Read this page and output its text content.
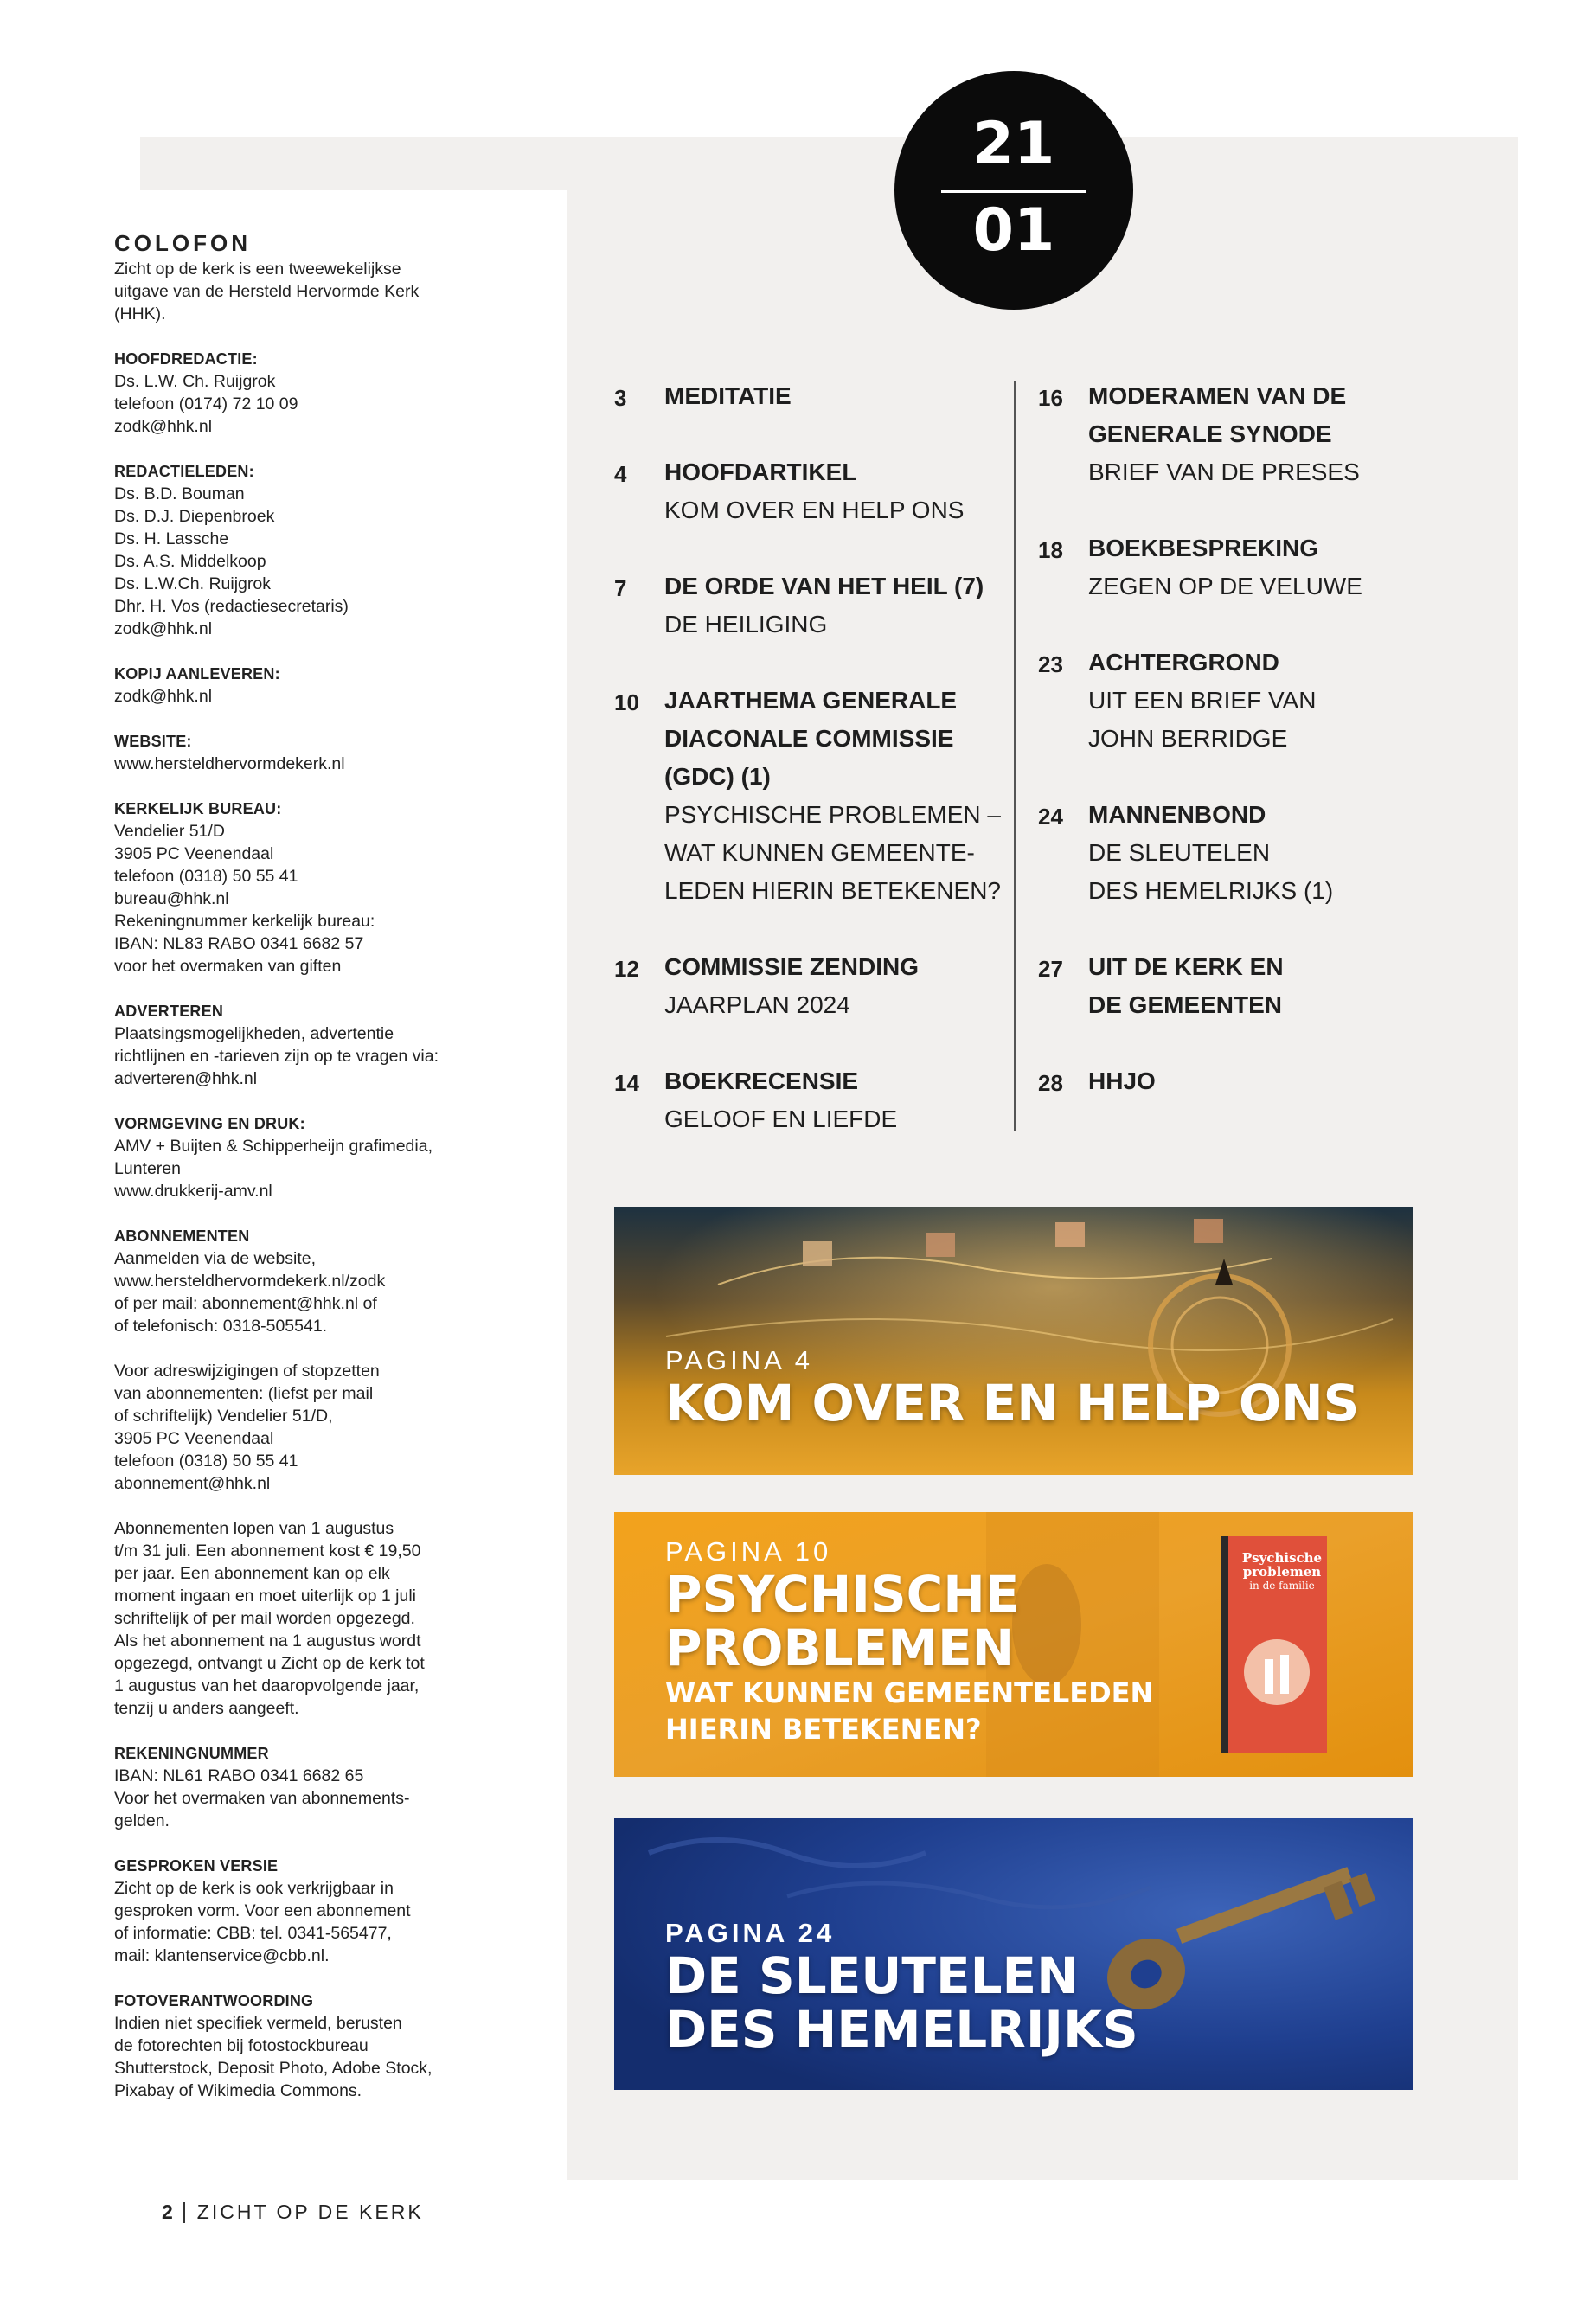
COLOFON
Zicht op de kerk is een tweewekelijkse
uitgave van de Hersteld Hervormde Kerk
(HHK).
HOOFDREDACTIE:
Ds. L.W. Ch. Ruijgrok
telefoon (0174) 72 10 09
zodk@hhk.nl
REDACTIELEDEN:
Ds. B.D. Bouman
Ds. D.J. Diepenbroek
Ds. H. Lassche
Ds. A.S. Middelkoop
Ds. L.W.Ch. Ruijgrok
Dhr. H. Vos (redactiesecretaris)
zodk@hhk.nl
KOPIJ AANLEVEREN:
zodk@hhk.nl
WEBSITE:
www.hersteldhervormdekerk.nl
KERKELIJK BUREAU:
Vendelier 51/D
3905 PC Veenendaal
telefoon (0318) 50 55 41
bureau@hhk.nl
Rekeningnummer kerkelijk bureau:
IBAN: NL83 RABO 0341 6682 57
voor het overmaken van giften
ADVERTEREN
Plaatsingsmogelijkheden, advertentie
richtlijnen en -tarieven zijn op te vragen via:
adverteren@hhk.nl
VORMGEVING EN DRUK:
AMV + Buijten & Schipperheijn grafimedia,
Lunteren
www.drukkerij-amv.nl
ABONNEMENTEN
Aanmelden via de website,
www.hersteldhervormdekerk.nl/zodk
of per mail: abonnement@hhk.nl of
of telefonisch: 0318-505541.
Voor adreswijzigingen of stopzetten
van abonnementen: (liefst per mail
of schriftelijk) Vendelier 51/D,
3905 PC Veenendaal
telefoon (0318) 50 55 41
abonnement@hhk.nl
Abonnementen lopen van 1 augustus
t/m 31 juli. Een abonnement kost € 19,50
per jaar. Een abonnement kan op elk
moment ingaan en moet uiterlijk op 1 juli
schriftelijk of per mail worden opgezegd.
Als het abonnement na 1 augustus wordt
opgezegd, ontvangt u Zicht op de kerk tot
1 augustus van het daaropvolgende jaar,
tenzij u anders aangeeft.
REKENINGNUMMER
IBAN: NL61 RABO 0341 6682 65
Voor het overmaken van abonnements-
gelden.
GESPROKEN VERSIE
Zicht op de kerk is ook verkrijgbaar in
gesproken vorm. Voor een abonnement
of informatie: CBB: tel. 0341-565477,
mail: klantenservice@cbb.nl.
FOTOVERANTWOORDING
Indien niet specifiek vermeld, berusten
de fotorechten bij fotostockbureau
Shutterstock, Deposit Photo, Adobe Stock,
Pixabay of Wikimedia Commons.
21
01
3 MEDITATIE
4 HOOFDARTIKEL
KOM OVER EN HELP ONS
7 DE ORDE VAN HET HEIL (7)
DE HEILIGING
10 JAARTHEMA GENERALE
DIACONALE COMMISSIE
(GDC) (1)
PSYCHISCHE PROBLEMEN –
WAT KUNNEN GEMEENTE-
LEDEN HIERIN BETEKENEN?
12 COMMISSIE ZENDING
JAARPLAN 2024
14 BOEKRECENSIE
GELOOF EN LIEFDE
16 MODERAMEN VAN DE
GENERALE SYNODE
BRIEF VAN DE PRESES
18 BOEKBESPREKING
ZEGEN OP DE VELUWE
23 ACHTERGROND
UIT EEN BRIEF VAN
JOHN BERRIDGE
24 MANNENBOND
DE SLEUTELEN
DES HEMELRIJKS (1)
27 UIT DE KERK EN
DE GEMEENTEN
28 HHJO
PAGINA 4
KOM OVER EN HELP ONS
Psychische
problemen
in de familie
PAGINA 10
PSYCHISCHE
PROBLEMEN
WAT KUNNEN GEMEENTELEDEN
HIERIN BETEKENEN?
PAGINA 24
DE SLEUTELEN
DES HEMELRIJKS
2 ZICHT OP DE KERK
